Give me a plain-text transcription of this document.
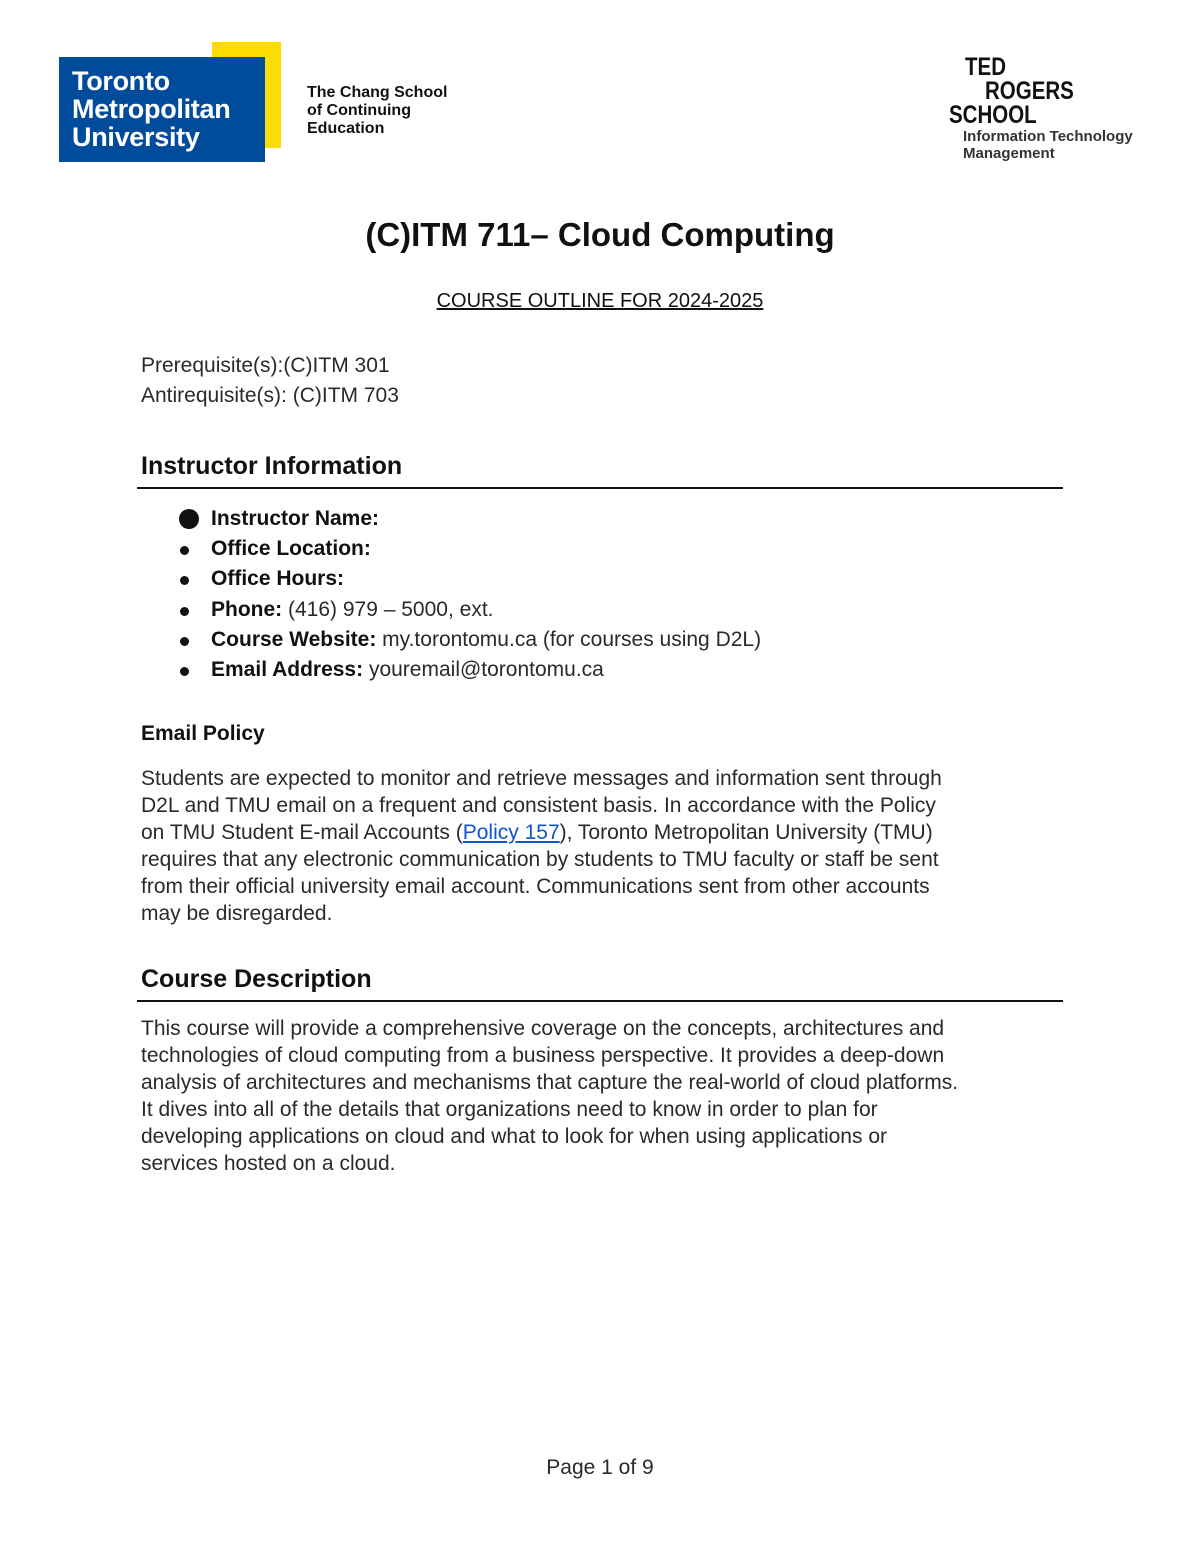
Toronto
Metropolitan
University
The Chang School
of Continuing
Education
TED
ROGERS
SCHOOL
Information Technology
Management
(C)ITM 711– Cloud Computing
COURSE OUTLINE FOR 2024-2025
Prerequisite(s):(C)ITM 301
Antirequisite(s): (C)ITM 703
Instructor Information
Instructor Name:
Office Location:
Office Hours:
Phone: (416) 979 – 5000, ext.
Course Website: my.torontomu.ca (for courses using D2L)
Email Address: youremail@torontomu.ca
Email Policy
Students are expected to monitor and retrieve messages and information sent through
D2L and TMU email on a frequent and consistent basis. In accordance with the Policy
on TMU Student E-mail Accounts (Policy 157), Toronto Metropolitan University (TMU)
requires that any electronic communication by students to TMU faculty or staff be sent
from their official university email account. Communications sent from other accounts
may be disregarded.
Course Description
This course will provide a comprehensive coverage on the concepts, architectures and
technologies of cloud computing from a business perspective. It provides a deep-down
analysis of architectures and mechanisms that capture the real-world of cloud platforms.
It dives into all of the details that organizations need to know in order to plan for
developing applications on cloud and what to look for when using applications or
services hosted on a cloud.
Page 1 of 9
